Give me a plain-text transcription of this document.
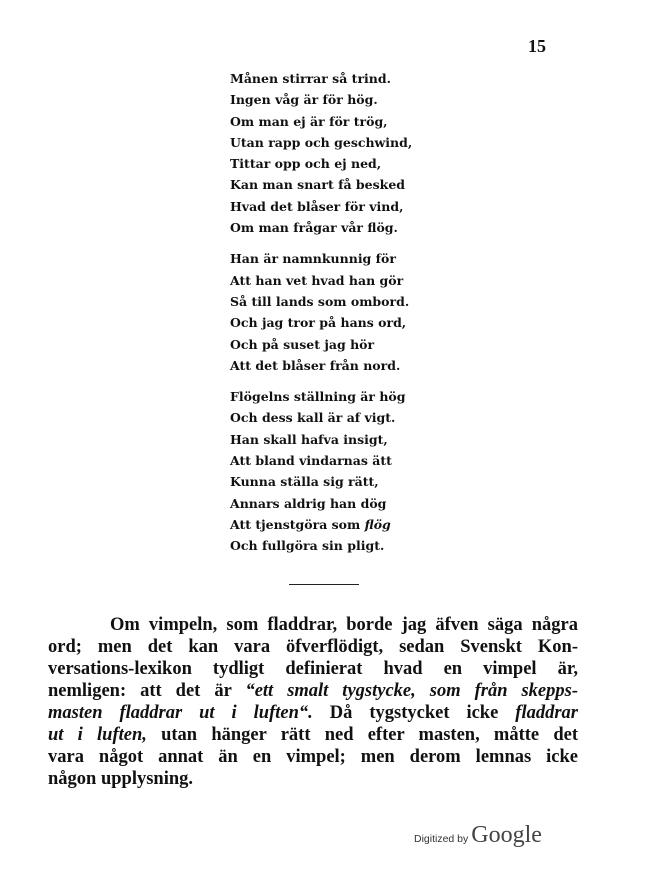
15
Månen stirrar så trind.
Ingen våg är för hög.
Om man ej är för trög,
Utan rapp och geschwind,
Tittar opp och ej ned,
Kan man snart få besked
Hvad det blåser för vind,
Om man frågar vår flög.
Han är namnkunnig för
Att han vet hvad han gör
Så till lands som ombord.
Och jag tror på hans ord,
Och på suset jag hör
Att det blåser från nord.
Flögelns ställning är hög
Och dess kall är af vigt.
Han skall hafva insigt,
Att bland vindarnas ätt
Kunna ställa sig rätt,
Annars aldrig han dög
Att tjenstgöra som flög
Och fullgöra sin pligt.
Om vimpeln, som fladdrar, borde jag äfven säga några
ord; men det kan vara öfverflödigt, sedan Svenskt Kon-
versations-lexikon tydligt definierat hvad en vimpel är,
nemligen: att det är “ett smalt tygstycke, som från skepps-
masten fladdrar ut i luften“. Då tygstycket icke fladdrar
ut i luften, utan hänger rätt ned efter masten, måtte det
vara något annat än en vimpel; men derom lemnas icke
någon upplysning.
Digitized by Google
